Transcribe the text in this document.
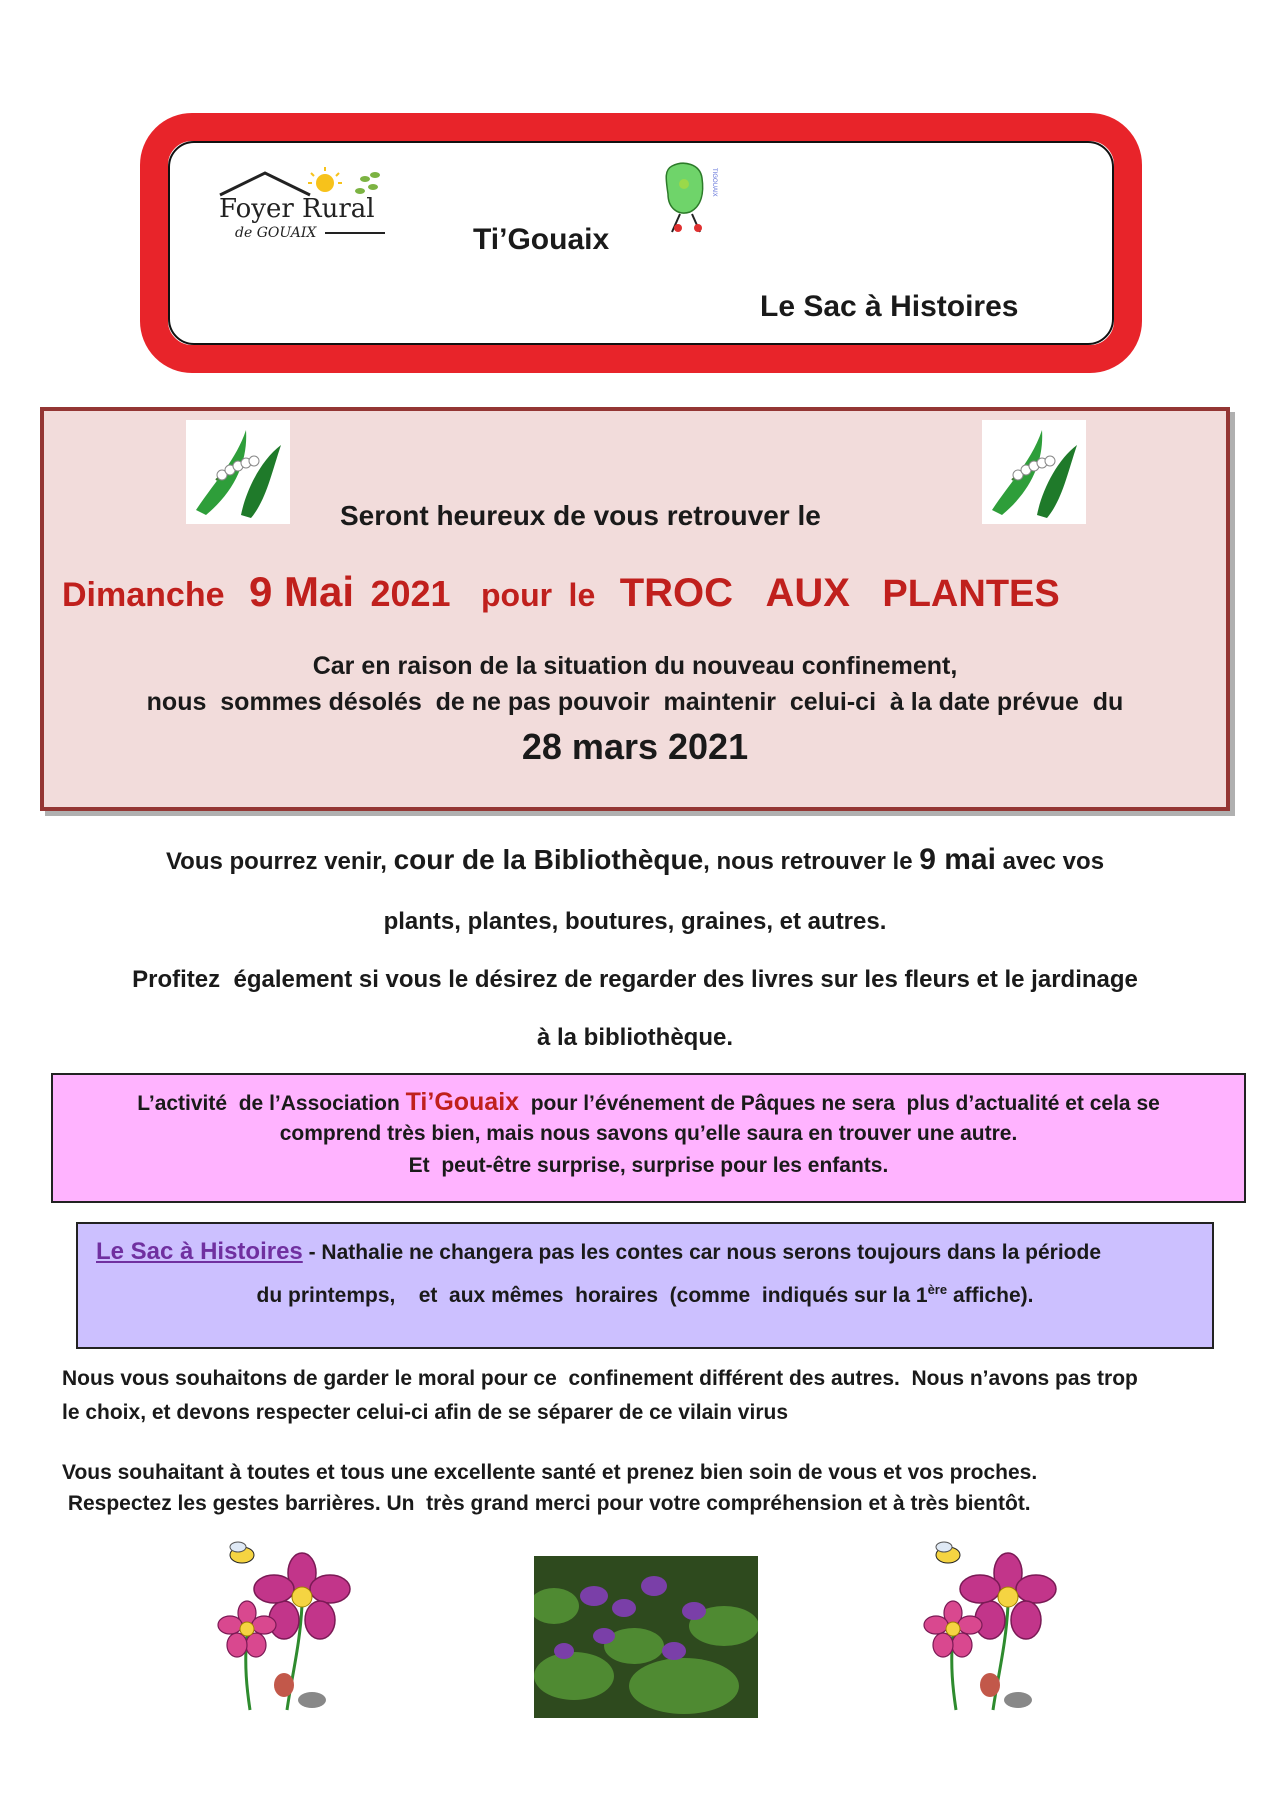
Foyer Rural
de GOUAIX	Ti’Gouaix
TIGOUAIX
Le Sac à Histoires
Seront heureux de vous retrouver le
Dimanche 9 Mai 2021 pour le TROC AUX PLANTES
Car en raison de la situation du nouveau confinement,
nous  sommes désolés  de ne pas pouvoir  maintenir  celui-ci  à la date prévue  du
28 mars 2021
Vous pourrez venir, cour de la Bibliothèque, nous retrouver le 9 mai avec vos
plants, plantes, boutures, graines, et autres.
Profitez  également si vous le désirez de regarder des livres sur les fleurs et le jardinage
à la bibliothèque.
L’activité  de l’Association Ti’Gouaix  pour l’événement de Pâques ne sera  plus d’actualité et cela se
comprend très bien, mais nous savons qu’elle saura en trouver une autre.
Et  peut-être surprise, surprise pour les enfants.
Le Sac à Histoires - Nathalie ne changera pas les contes car nous serons toujours dans la période
du printemps,    et  aux mêmes  horaires  (comme  indiqués sur la 1ère affiche).
Nous vous souhaitons de garder le moral pour ce  confinement différent des autres.  Nous n’avons pas trop
le choix, et devons respecter celui-ci afin de se séparer de ce vilain virus
Vous souhaitant à toutes et tous une excellente santé et prenez bien soin de vous et vos proches.
Respectez les gestes barrières. Un  très grand merci pour votre compréhension et à très bientôt.
